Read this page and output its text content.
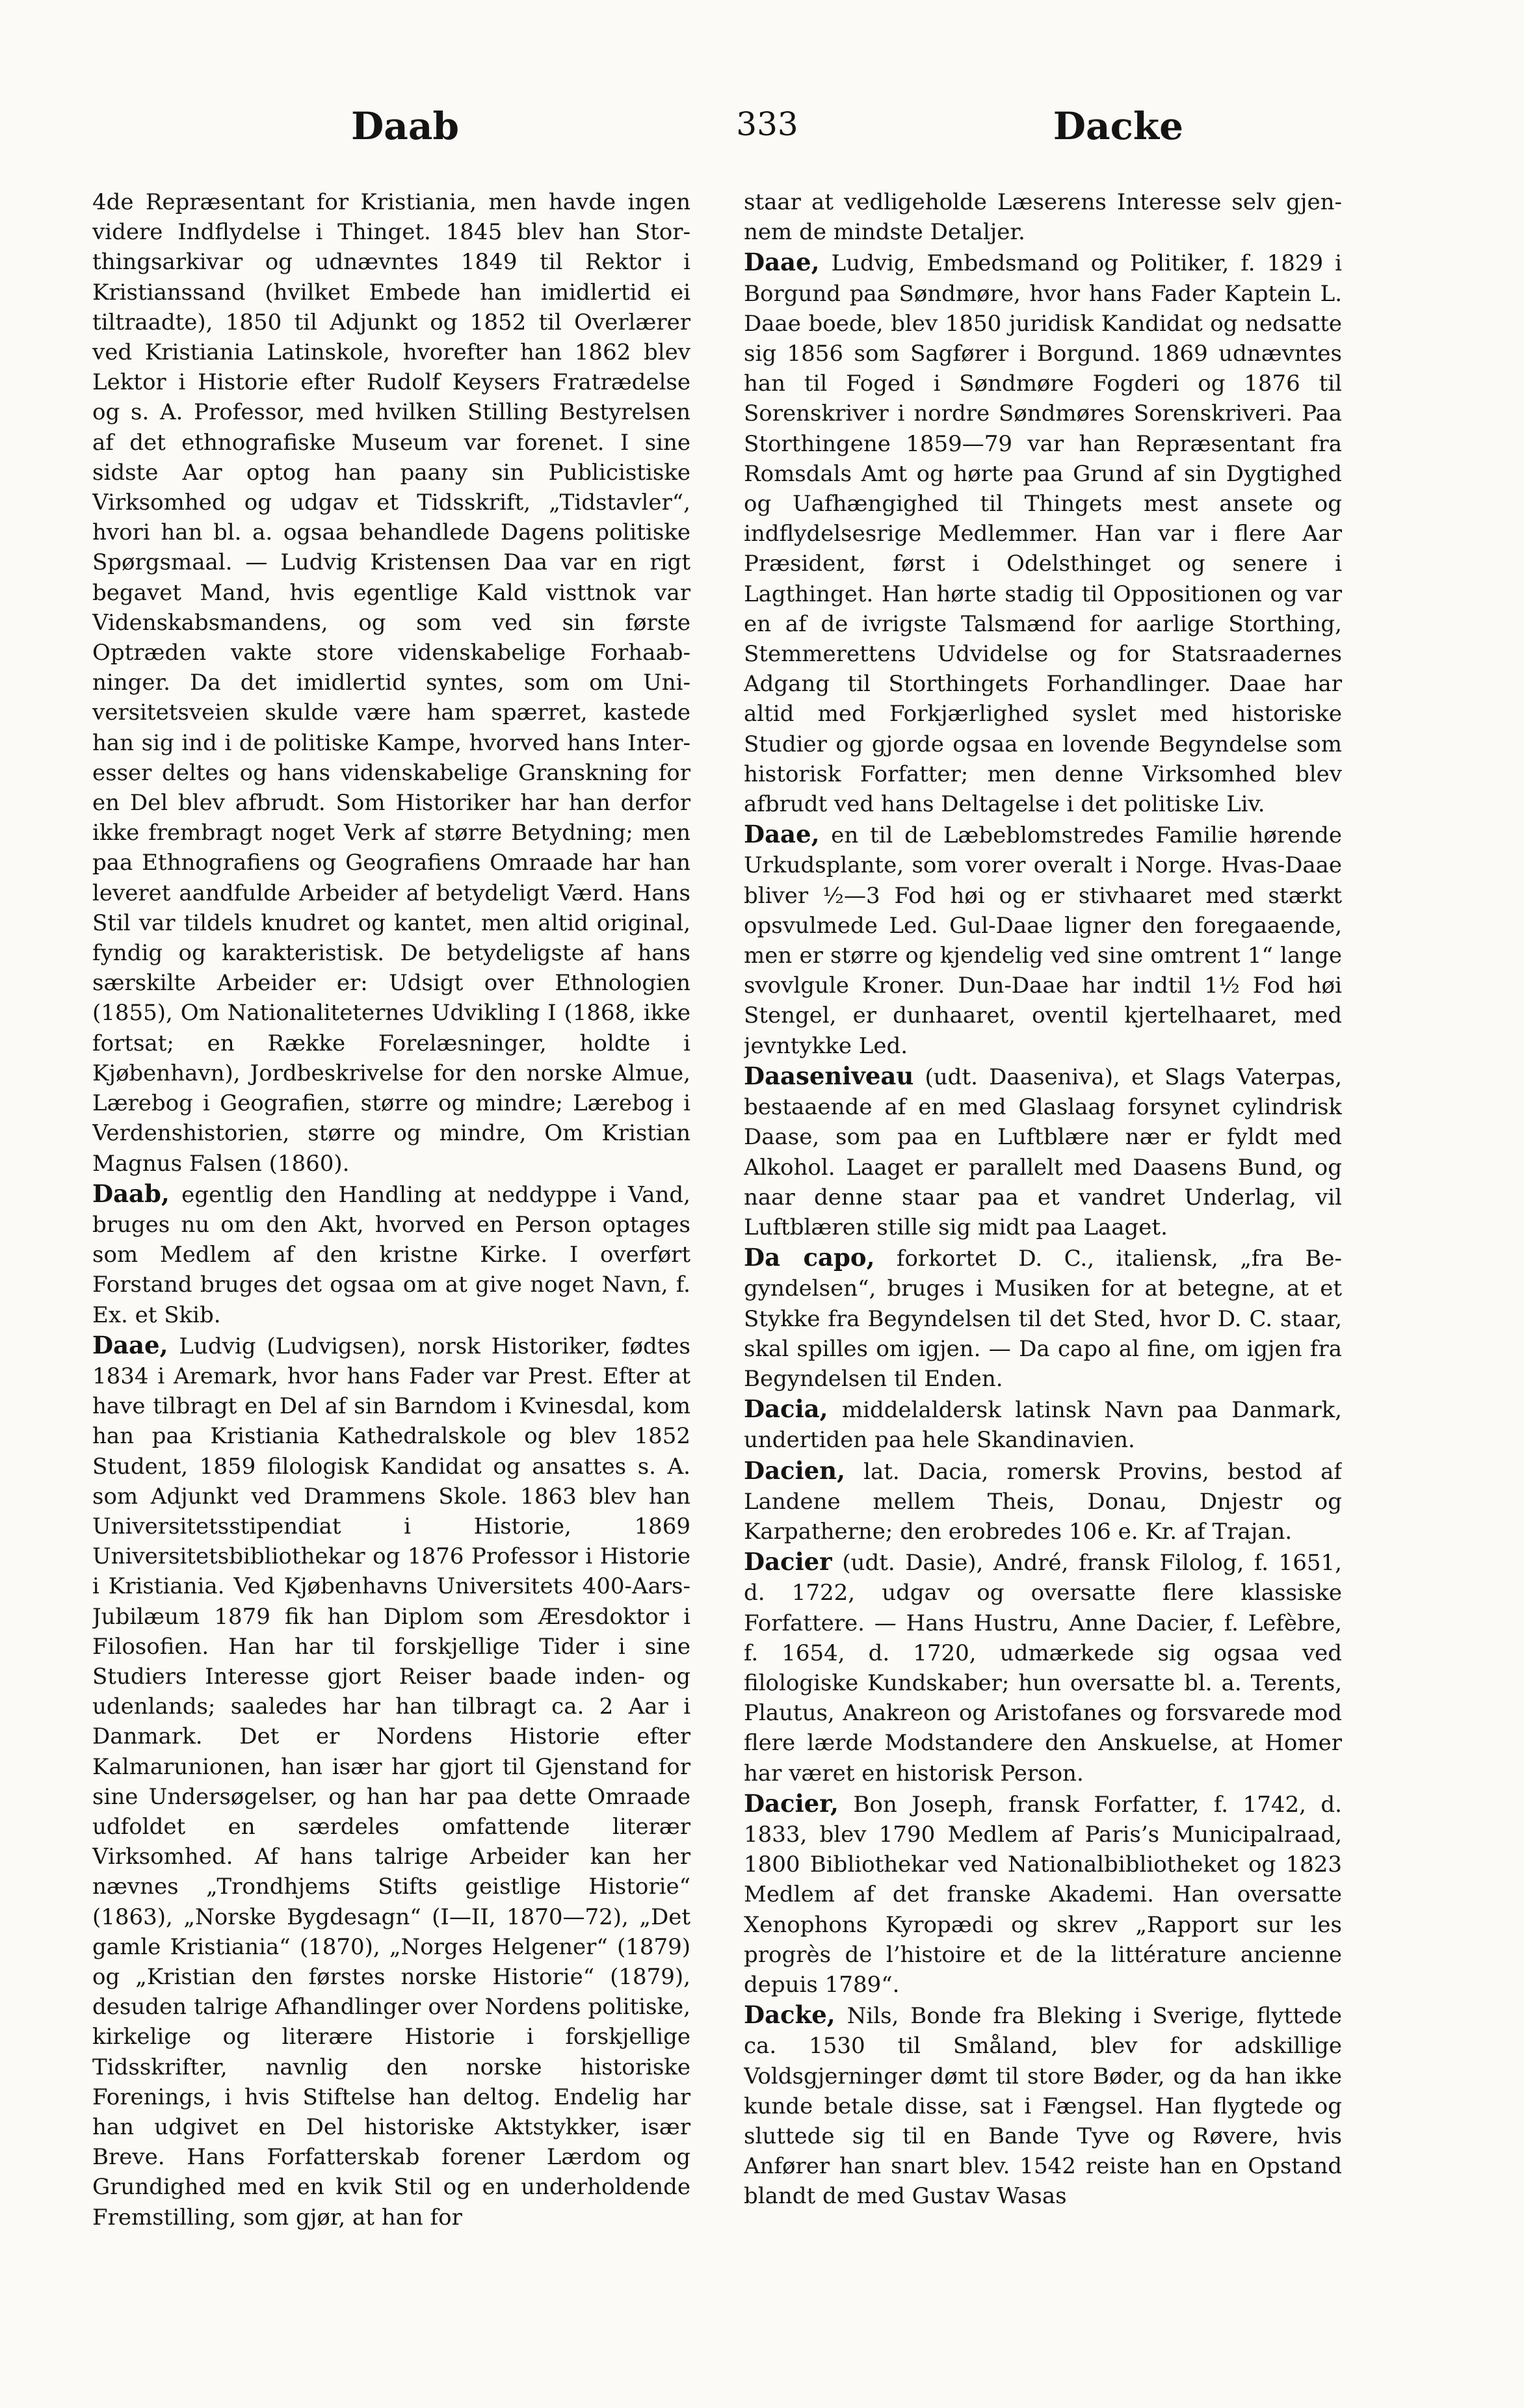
Daab	333	Dacke

4de Repræsentant for Kristiania, men havde ingen videre Indflydelse i Thinget. 1845 blev han Storthingsarkivar og udnævntes 1849 til Rektor i Kristianssand (hvilket Embede han imidlertid ei tiltraadte), 1850 til Adjunkt og 1852 til Overlærer ved Kristiania Latinskole, hvorefter han 1862 blev Lektor i Historie efter Rudolf Keysers Fratrædelse og s. A. Professor, med hvilken Stilling Bestyrelsen af det ethnografiske Museum var forenet. I sine sidste Aar optog han paany sin Publicistiske Virksomhed og udgav et Tidsskrift, „Tidstavler“, hvori han bl. a. ogsaa behandlede Dagens politiske Spørgsmaal. — Ludvig Kristensen Daa var en rigt begavet Mand, hvis egentlige Kald visttnok var Videnskabsmandens, og som ved sin første Optræden vakte store videnskabelige Forhaabninger. Da det imidlertid syntes, som om Universitetsveien skulde være ham spærret, kastede han sig ind i de politiske Kampe, hvorved hans Interesser deltes og hans videnskabelige Granskning for en Del blev afbrudt. Som Historiker har han derfor ikke frembragt noget Verk af større Betydning; men paa Ethnografiens og Geografiens Omraade har han leveret aandfulde Arbeider af betydeligt Værd. Hans Stil var tildels knudret og kantet, men altid original, fyndig og karakteristisk. De betydeligste af hans særskilte Arbeider er: Udsigt over Ethnologien (1855), Om Nationaliteternes Udvikling I (1868, ikke fortsat; en Række Forelæsninger, holdte i Kjøbenhavn), Jordbeskrivelse for den norske Almue, Lærebog i Geografien, større og mindre; Lærebog i Verdenshistorien, større og mindre, Om Kristian Magnus Falsen (1860).

Daab, egentlig den Handling at neddyppe i Vand, bruges nu om den Akt, hvorved en Person optages som Medlem af den kristne Kirke. I overført Forstand bruges det ogsaa om at give noget Navn, f. Ex. et Skib.

Daae, Ludvig (Ludvigsen), norsk Historiker, fødtes 1834 i Aremark, hvor hans Fader var Prest. Efter at have tilbragt en Del af sin Barndom i Kvinesdal, kom han paa Kristiania Kathedralskole og blev 1852 Student, 1859 filologisk Kandidat og ansattes s. A. som Adjunkt ved Drammens Skole. 1863 blev han Universitetsstipendiat i Historie, 1869 Universitetsbibliothekar og 1876 Professor i Historie i Kristiania. Ved Kjøbenhavns Universitets 400-Aars-Jubilæum 1879 fik han Diplom som Æresdoktor i Filosofien. Han har til forskjellige Tider i sine Studiers Interesse gjort Reiser baade inden- og udenlands; saaledes har han tilbragt ca. 2 Aar i Danmark. Det er Nordens Historie efter Kalmarunionen, han især har gjort til Gjenstand for sine Undersøgelser, og han har paa dette Omraade udfoldet en særdeles omfattende literær Virksomhed. Af hans talrige Arbeider kan her nævnes „Trondhjems Stifts geistlige Historie“ (1863), „Norske Bygdesagn“ (I—II, 1870—72), „Det gamle Kristiania“ (1870), „Norges Helgener“ (1879) og „Kristian den førstes norske Historie“ (1879), desuden talrige Afhandlinger over Nordens politiske, kirkelige og literære Historie i forskjellige Tidsskrifter, navnlig den norske historiske Forenings, i hvis Stiftelse han deltog. Endelig har han udgivet en Del historiske Aktstykker, især Breve. Hans Forfatterskab forener Lærdom og Grundighed med en kvik Stil og en underholdende Fremstilling, som gjør, at han for

staar at vedligeholde Læserens Interesse selv gjennem de mindste Detaljer.

Daae, Ludvig, Embedsmand og Politiker, f. 1829 i Borgund paa Søndmøre, hvor hans Fader Kaptein L. Daae boede, blev 1850 juridisk Kandidat og nedsatte sig 1856 som Sagfører i Borgund. 1869 udnævntes han til Foged i Søndmøre Fogderi og 1876 til Sorenskriver i nordre Søndmøres Sorenskriveri. Paa Storthingene 1859—79 var han Repræsentant fra Romsdals Amt og hørte paa Grund af sin Dygtighed og Uafhængighed til Thingets mest ansete og indflydelsesrige Medlemmer. Han var i flere Aar Præsident, først i Odelsthinget og senere i Lagthinget. Han hørte stadig til Oppositionen og var en af de ivrigste Talsmænd for aarlige Storthing, Stemmerettens Udvidelse og for Statsraadernes Adgang til Storthingets Forhandlinger. Daae har altid med Forkjærlighed syslet med historiske Studier og gjorde ogsaa en lovende Begyndelse som historisk Forfatter; men denne Virksomhed blev afbrudt ved hans Deltagelse i det politiske Liv.

Daae, en til de Læbeblomstredes Familie hørende Urkudsplante, som vorer overalt i Norge. Hvas-Daae bliver ½—3 Fod høi og er stivhaaret med stærkt opsvulmede Led. Gul-Daae ligner den foregaaende, men er større og kjendelig ved sine omtrent 1“ lange svovlgule Kroner. Dun-Daae har indtil 1½ Fod høi Stengel, er dunhaaret, oventil kjertelhaaret, med jevntykke Led.

Daaseniveau (udt. Daaseniva), et Slags Vaterpas, bestaaende af en med Glaslaag forsynet cylindrisk Daase, som paa en Luftblære nær er fyldt med Alkohol. Laaget er parallelt med Daasens Bund, og naar denne staar paa et vandret Underlag, vil Luftblæren stille sig midt paa Laaget.

Da capo, forkortet D. C., italiensk, „fra Begyndelsen“, bruges i Musiken for at betegne, at et Stykke fra Begyndelsen til det Sted, hvor D. C. staar, skal spilles om igjen. — Da capo al fine, om igjen fra Begyndelsen til Enden.

Dacia, middelaldersk latinsk Navn paa Danmark, undertiden paa hele Skandinavien.

Dacien, lat. Dacia, romersk Provins, bestod af Landene mellem Theis, Donau, Dnjestr og Karpatherne; den erobredes 106 e. Kr. af Trajan.

Dacier (udt. Dasie), André, fransk Filolog, f. 1651, d. 1722, udgav og oversatte flere klassiske Forfattere. — Hans Hustru, Anne Dacier, f. Lefèbre, f. 1654, d. 1720, udmærkede sig ogsaa ved filologiske Kundskaber; hun oversatte bl. a. Terents, Plautus, Anakreon og Aristofanes og forsvarede mod flere lærde Modstandere den Anskuelse, at Homer har været en historisk Person.

Dacier, Bon Joseph, fransk Forfatter, f. 1742, d. 1833, blev 1790 Medlem af Paris’s Municipalraad, 1800 Bibliothekar ved Nationalbibliotheket og 1823 Medlem af det franske Akademi. Han oversatte Xenophons Kyropædi og skrev „Rapport sur les progrès de l’histoire et de la littérature ancienne depuis 1789“.

Dacke, Nils, Bonde fra Bleking i Sverige, flyttede ca. 1530 til Småland, blev for adskillige Voldsgjerninger dømt til store Bøder, og da han ikke kunde betale disse, sat i Fængsel. Han flygtede og sluttede sig til en Bande Tyve og Røvere, hvis Anfører han snart blev. 1542 reiste han en Opstand blandt de med Gustav Wasas
